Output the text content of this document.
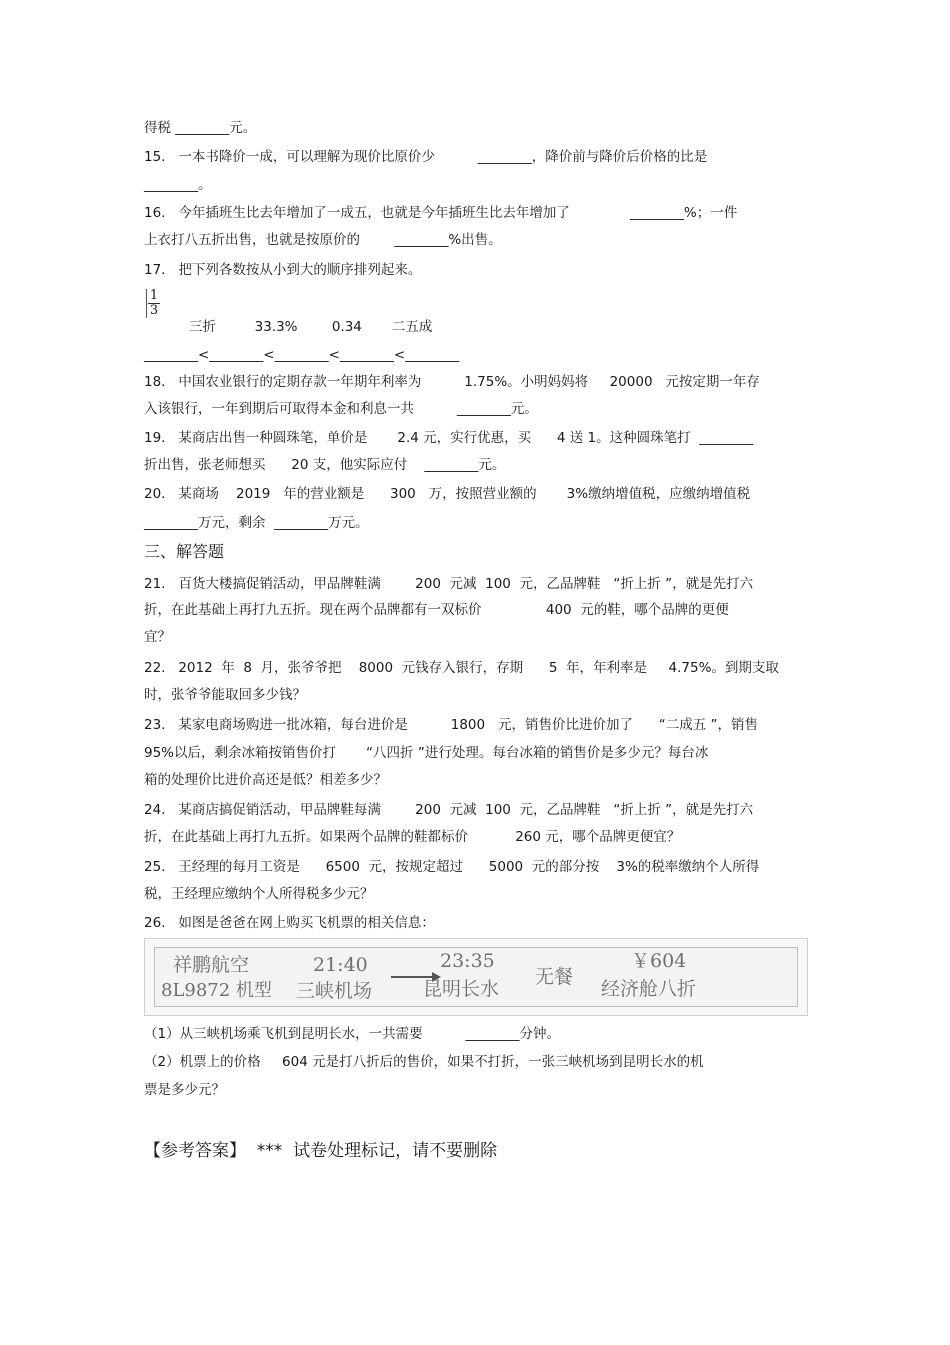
得税 ________元。
15.   一本书降价一成，可以理解为现价比原价少          ________，降价前与降价后价格的比是
________。
16.   今年插班生比去年增加了一成五，也就是今年插班生比去年增加了              ________%；一件
上衣打八五折出售，也就是按原价的        ________%出售。
17.   把下列各数按从小到大的顺序排列起来。
$\frac{1}{3}$
三折         33.3%        0.34       二五成
________<________<________<________<________
18.   中国农业银行的定期存款一年期年利率为          1.75%。小明妈妈将     20000   元按定期一年存
入该银行，一年到期后可取得本金和利息一共          ________元。
19.   某商店出售一种圆珠笔，单价是       2.4 元，实行优惠，买      4 送 1。这种圆珠笔打  ________
折出售，张老师想买      20 支，他实际应付    ________元。
20.   某商场    2019   年的营业额是      300   万，按照营业额的       3%缴纳增值税，应缴纳增值税
________万元，剩余  ________万元。
三、解答题
21.   百货大楼搞促销活动，甲品牌鞋满        200  元减  100  元，乙品牌鞋   “折上折 ”，就是先打六
折，在此基础上再打九五折。现在两个品牌都有一双标价               400  元的鞋，哪个品牌的更便
宜？
22.   2012  年  8  月，张爷爷把    8000  元钱存入银行，存期      5  年，年利率是     4.75%。到期支取
时，张爷爷能取回多少钱？
23.   某家电商场购进一批冰箱，每台进价是          1800   元，销售价比进价加了      “二成五 ”，销售
95%以后，剩余冰箱按销售价打       “八四折 ”进行处理。每台冰箱的销售价是多少元？每台冰
箱的处理价比进价高还是低？相差多少？
24.   某商店搞促销活动，甲品牌鞋每满        200  元减  100  元，乙品牌鞋   “折上折 ”，就是先打六
折，在此基础上再打九五折。如果两个品牌的鞋都标价           260 元，哪个品牌更便宜？
25.   王经理的每月工资是      6500  元，按规定超过      5000  元的部分按    3%的税率缴纳个人所得
税，王经理应缴纳个人所得税多少元？
26.   如图是爸爸在网上购买飞机票的相关信息：
祥鹏航空
8L9872 机型
21:40
三峡机场
23:35
昆明长水
无餐
￥604
经济舱八折
（1）从三峡机场乘飞机到昆明长水，一共需要          ________分钟。
（2）机票上的价格     604 元是打八折后的售价，如果不打折，一张三峡机场到昆明长水的机
票是多少元？
【参考答案】  ***  试卷处理标记，请不要删除
